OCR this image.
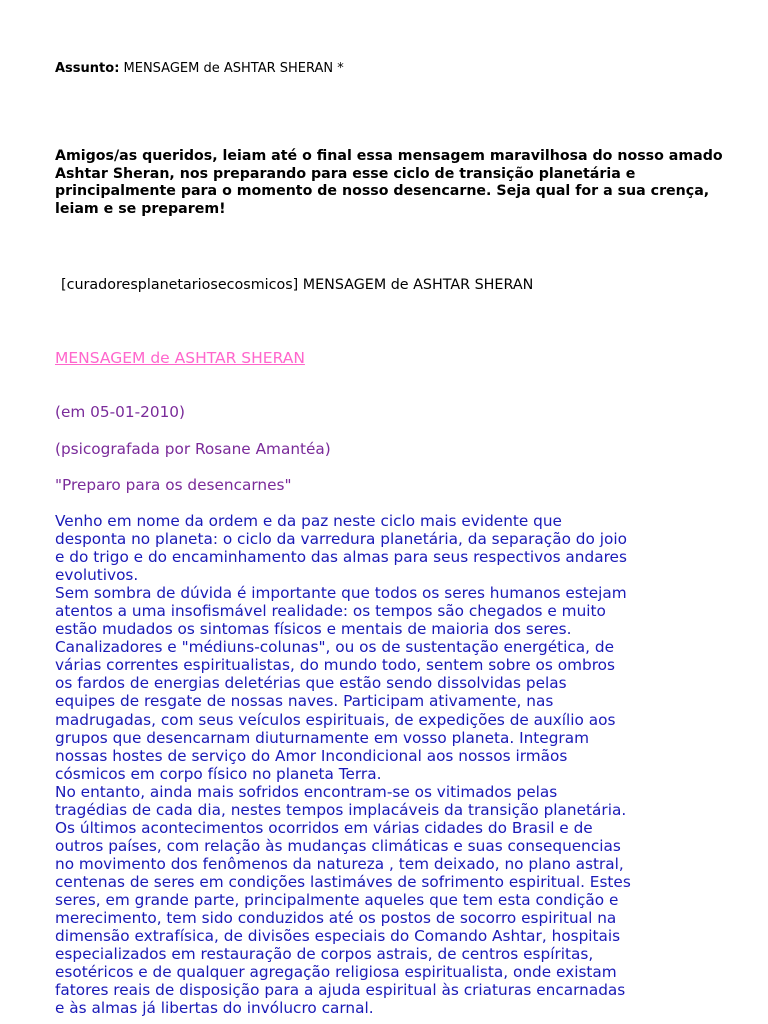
Assunto: MENSAGEM de ASHTAR SHERAN *
Amigos/as queridos, leiam até o final essa mensagem maravilhosa do nosso amado Ashtar Sheran, nos preparando para esse ciclo de transição planetária e principalmente para o momento de nosso desencarne. Seja qual for a sua crença, leiam e se preparem!
[curadoresplanetariosecosmicos] MENSAGEM de ASHTAR SHERAN
MENSAGEM de ASHTAR SHERAN
(em 05-01-2010)
(psicografada por Rosane Amantéa)
"Preparo para os desencarnes"
Venho em nome da ordem e da paz neste ciclo mais evidente que
desponta no planeta: o ciclo da varredura planetária, da separação do joio
e do trigo e do encaminhamento das almas para seus respectivos andares
evolutivos.
Sem sombra de dúvida é importante que todos os seres humanos estejam
atentos a uma insofismável realidade: os tempos são chegados e muito
estão mudados os sintomas físicos e mentais de maioria dos seres.
Canalizadores e "médiuns-colunas", ou os de sustentação energética, de
várias correntes espiritualistas, do mundo todo, sentem sobre os ombros
os fardos de energias deletérias que estão sendo dissolvidas pelas
equipes de resgate de nossas naves. Participam ativamente, nas
madrugadas, com seus veículos espirituais, de expedições de auxílio aos
grupos que desencarnam diuturnamente em vosso planeta. Integram
nossas hostes de serviço do Amor Incondicional aos nossos irmãos
cósmicos em corpo físico no planeta Terra.
No entanto, ainda mais sofridos encontram-se os vitimados pelas
tragédias de cada dia, nestes tempos implacáveis da transição planetária.
Os últimos acontecimentos ocorridos em várias cidades do Brasil e de
outros países, com relação às mudanças climáticas e suas consequencias
no movimento dos fenômenos da natureza , tem deixado, no plano astral,
centenas de seres em condições lastimáves de sofrimento espiritual. Estes
seres, em grande parte, principalmente aqueles que tem esta condição e
merecimento, tem sido conduzidos até os postos de socorro espiritual na
dimensão extrafísica, de divisões especiais do Comando Ashtar, hospitais
especializados em restauração de corpos astrais, de centros espíritas,
esotéricos e de qualquer agregação religiosa espiritualista, onde existam
fatores reais de disposição para a ajuda espiritual às criaturas encarnadas
e às almas já libertas do invólucro carnal.
